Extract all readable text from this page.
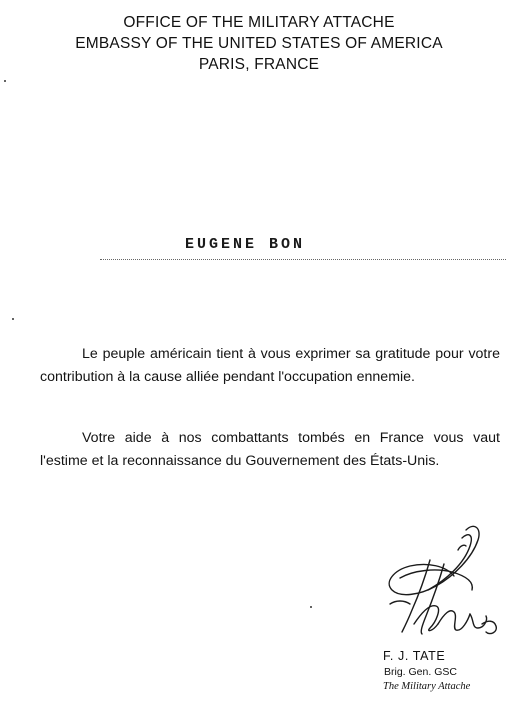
OFFICE OF THE MILITARY ATTACHE
EMBASSY OF THE UNITED STATES OF AMERICA
PARIS, FRANCE
EUGENE BON
Le peuple américain tient à vous exprimer sa gratitude pour votre contribution à la cause alliée pendant l'occupation ennemie.
Votre aide à nos combattants tombés en France vous vaut l'estime et la reconnaissance du Gouvernement des États-Unis.
F. J. TATE
Brig. Gen. GSC
The Military Attache
